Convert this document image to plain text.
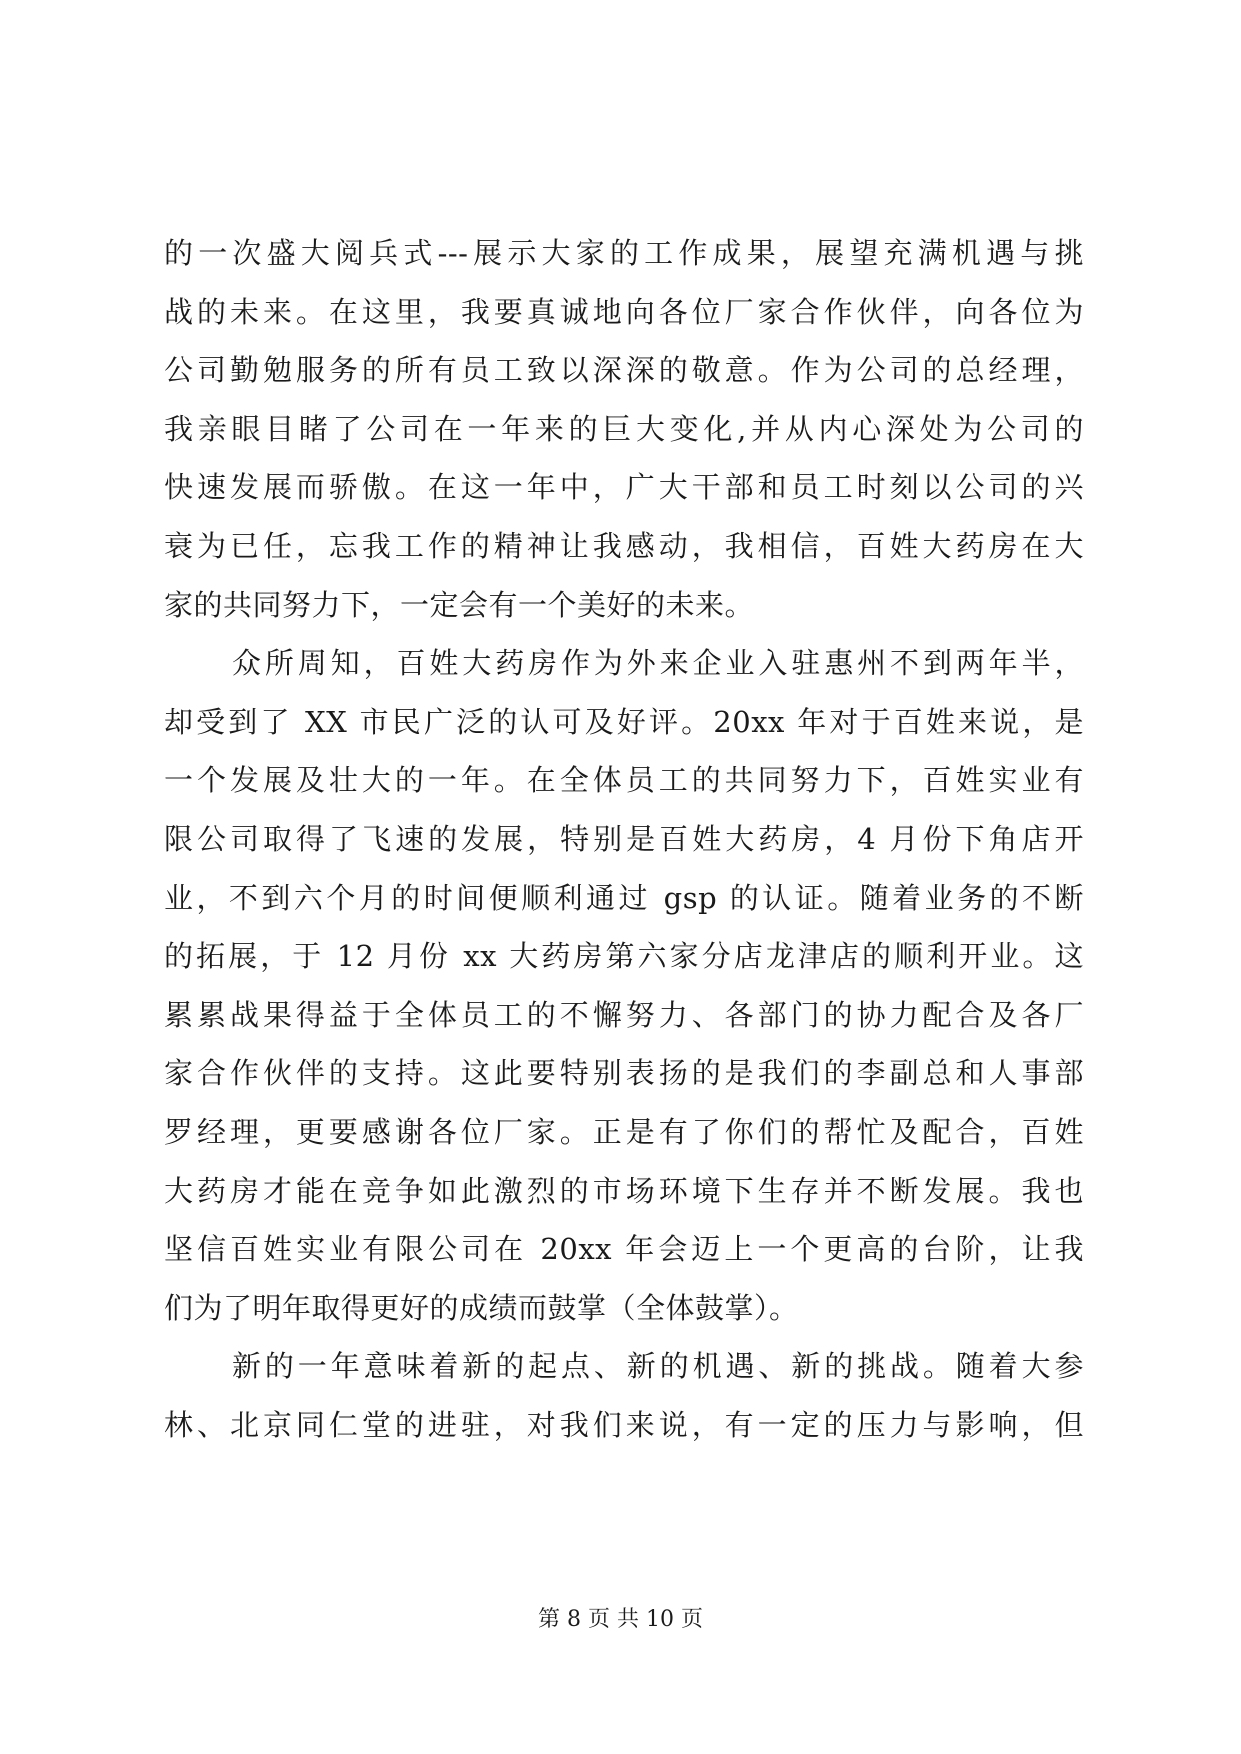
的一次盛大阅兵式---展示大家的工作成果，展望充满机遇与挑
战的未来。在这里，我要真诚地向各位厂家合作伙伴，向各位为
公司勤勉服务的所有员工致以深深的敬意。作为公司的总经理，
我亲眼目睹了公司在一年来的巨大变化,并从内心深处为公司的
快速发展而骄傲。在这一年中，广大干部和员工时刻以公司的兴
衰为已任，忘我工作的精神让我感动，我相信，百姓大药房在大
家的共同努力下，一定会有一个美好的未来。
众所周知，百姓大药房作为外来企业入驻惠州不到两年半，
却受到了 XX 市民广泛的认可及好评。20xx 年对于百姓来说，是
一个发展及壮大的一年。在全体员工的共同努力下，百姓实业有
限公司取得了飞速的发展，特别是百姓大药房，4 月份下角店开
业，不到六个月的时间便顺利通过 gsp 的认证。随着业务的不断
的拓展，于 12 月份 xx 大药房第六家分店龙津店的顺利开业。这
累累战果得益于全体员工的不懈努力、各部门的协力配合及各厂
家合作伙伴的支持。这此要特别表扬的是我们的李副总和人事部
罗经理，更要感谢各位厂家。正是有了你们的帮忙及配合，百姓
大药房才能在竞争如此激烈的市场环境下生存并不断发展。我也
坚信百姓实业有限公司在 20xx 年会迈上一个更高的台阶，让我
们为了明年取得更好的成绩而鼓掌（全体鼓掌）。
新的一年意味着新的起点、新的机遇、新的挑战。随着大参
林、北京同仁堂的进驻，对我们来说，有一定的压力与影响，但
第 8 页 共 10 页
